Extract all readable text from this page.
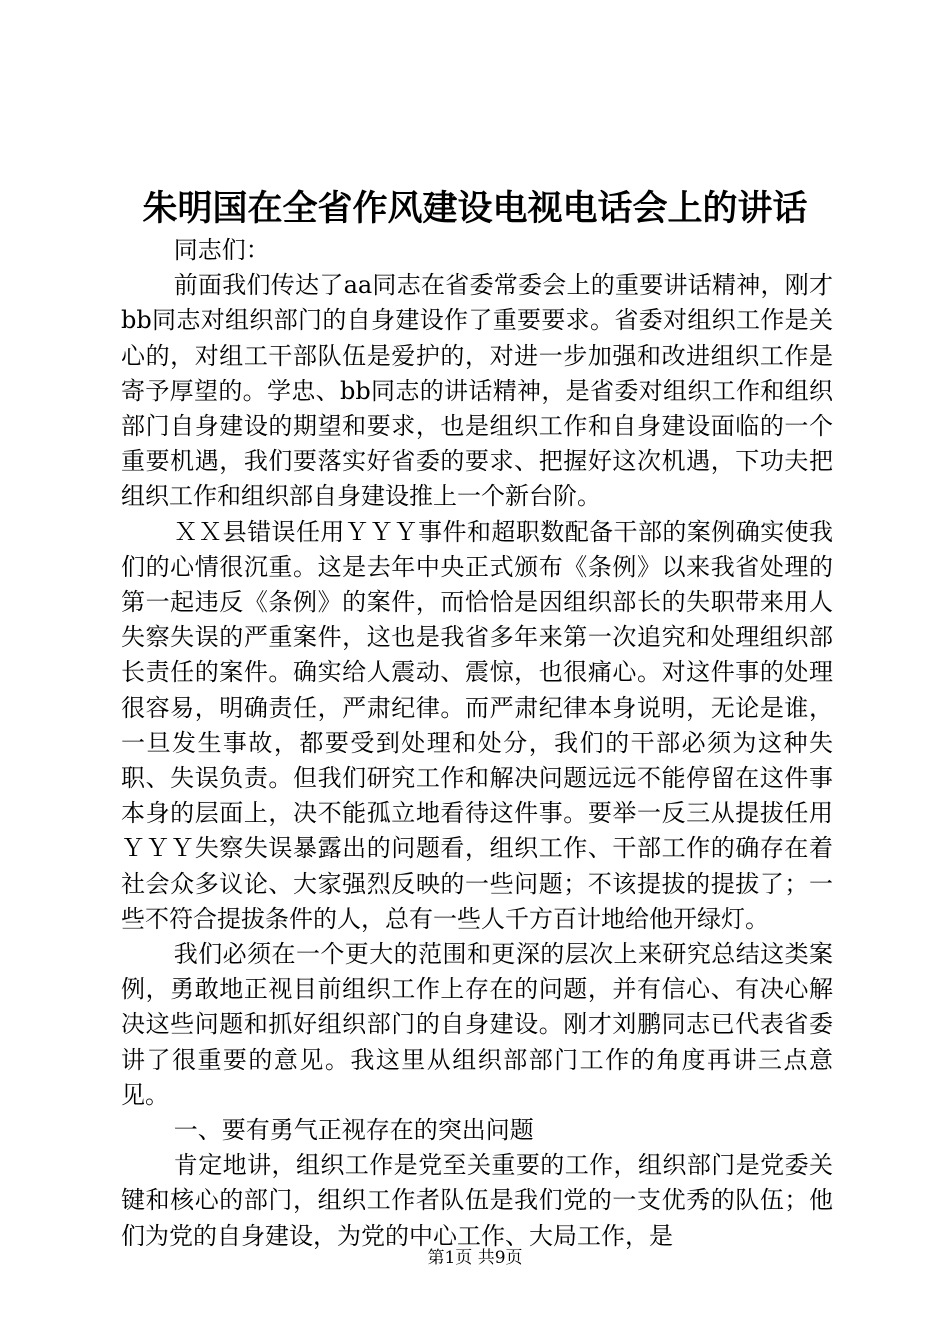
朱明国在全省作风建设电视电话会上的讲话

同志们：

前面我们传达了aa同志在省委常委会上的重要讲话精神，刚才bb同志对组织部门的自身建设作了重要要求。省委对组织工作是关心的，对组工干部队伍是爱护的，对进一步加强和改进组织工作是寄予厚望的。学忠、bb同志的讲话精神，是省委对组织工作和组织部门自身建设的期望和要求，也是组织工作和自身建设面临的一个重要机遇，我们要落实好省委的要求、把握好这次机遇，下功夫把组织工作和组织部自身建设推上一个新台阶。

ＸＸ县错误任用ＹＹＹ事件和超职数配备干部的案例确实使我们的心情很沉重。这是去年中央正式颁布《条例》以来我省处理的第一起违反《条例》的案件，而恰恰是因组织部长的失职带来用人失察失误的严重案件，这也是我省多年来第一次追究和处理组织部长责任的案件。确实给人震动、震惊，也很痛心。对这件事的处理很容易，明确责任，严肃纪律。而严肃纪律本身说明，无论是谁，一旦发生事故，都要受到处理和处分，我们的干部必须为这种失职、失误负责。但我们研究工作和解决问题远远不能停留在这件事本身的层面上，决不能孤立地看待这件事。要举一反三从提拔任用ＹＹＹ失察失误暴露出的问题看，组织工作、干部工作的确存在着社会众多议论、大家强烈反映的一些问题；不该提拔的提拔了；一些不符合提拔条件的人，总有一些人千方百计地给他开绿灯。

我们必须在一个更大的范围和更深的层次上来研究总结这类案例，勇敢地正视目前组织工作上存在的问题，并有信心、有决心解决这些问题和抓好组织部门的自身建设。刚才刘鹏同志已代表省委讲了很重要的意见。我这里从组织部部门工作的角度再讲三点意见。

一、要有勇气正视存在的突出问题

肯定地讲，组织工作是党至关重要的工作，组织部门是党委关键和核心的部门，组织工作者队伍是我们党的一支优秀的队伍；他们为党的自身建设，为党的中心工作、大局工作，是

第1页 共9页
